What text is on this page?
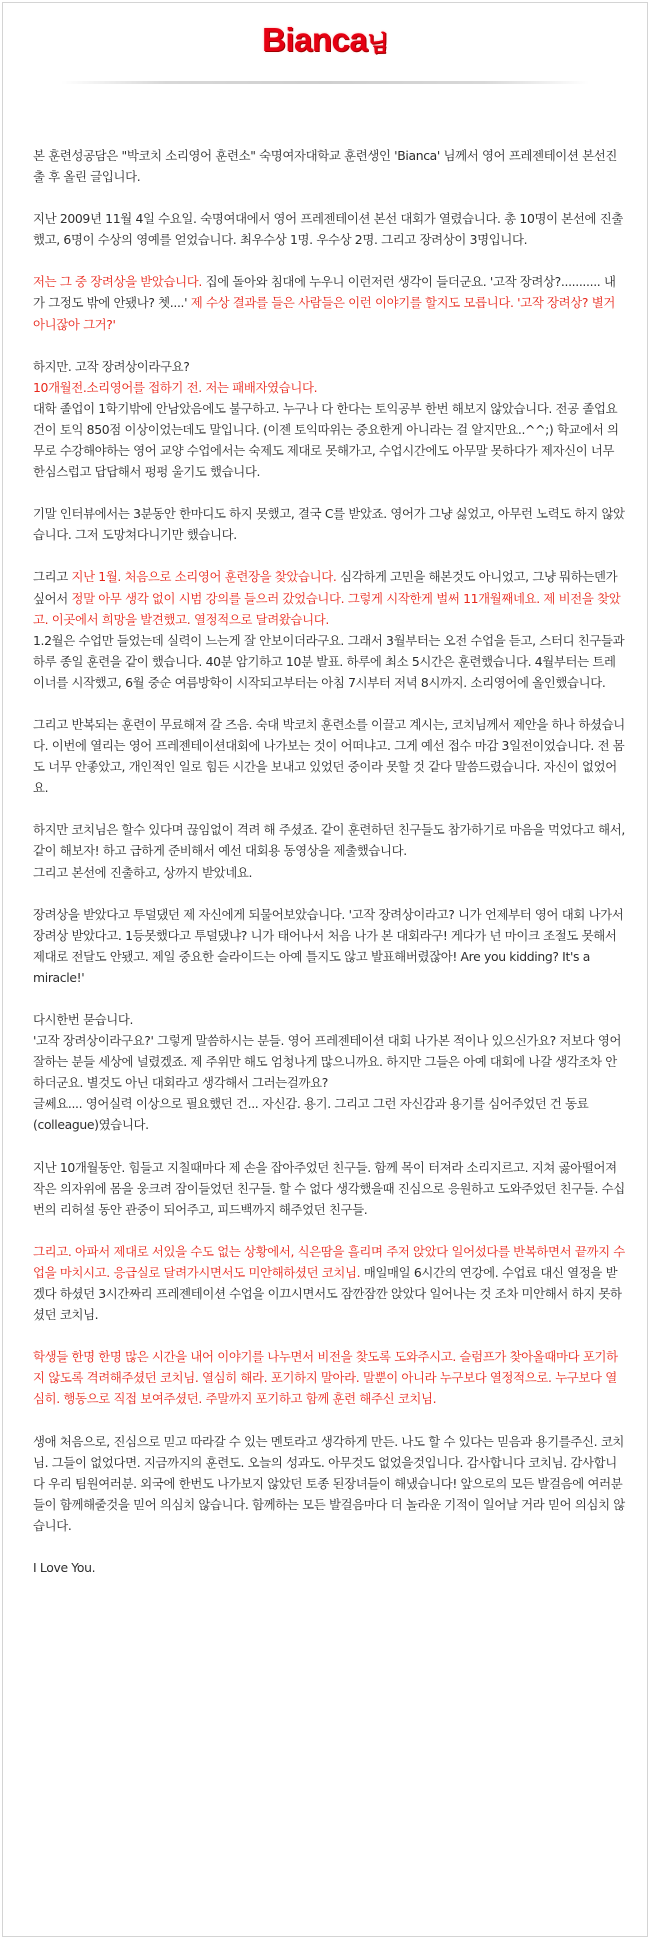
Bianca님

본 훈련성공담은 "박코치 소리영어 훈련소" 숙명여자대학교 훈련생인 'Bianca' 님께서 영어 프레젠테이션 본선진출 후 올린 글입니다.

지난 2009년 11월 4일 수요일. 숙명여대에서 영어 프레젠테이션 본선 대회가 열렸습니다. 총 10명이 본선에 진출했고, 6명이 수상의 영예를 얻었습니다. 최우수상 1명. 우수상 2명. 그리고 장려상이 3명입니다.

저는 그 중 장려상을 받았습니다. 집에 돌아와 침대에 누우니 이런저런 생각이 들더군요. '고작 장려상?........... 내가 그정도 밖에 안됐나? 쳇....' 제 수상 결과를 들은 사람들은 이런 이야기를 할지도 모릅니다. '고작 장려상? 별거 아니잖아 그거?'

하지만. 고작 장려상이라구요?
10개월전.소리영어를 접하기 전. 저는 패배자였습니다.
대학 졸업이 1학기밖에 안남았음에도 불구하고. 누구나 다 한다는 토익공부 한번 해보지 않았습니다. 전공 졸업요건이 토익 850점 이상이었는데도 말입니다. (이젠 토익따위는 중요한게 아니라는 걸 알지만요..^^;) 학교에서 의무로 수강해야하는 영어 교양 수업에서는 숙제도 제대로 못해가고, 수업시간에도 아무말 못하다가 제자신이 너무 한심스럽고 답답해서 펑펑 울기도 했습니다.

기말 인터뷰에서는 3분동안 한마디도 하지 못했고, 결국 C를 받았죠. 영어가 그냥 싫었고, 아무런 노력도 하지 않았습니다. 그저 도망쳐다니기만 했습니다.

그리고 지난 1월. 처음으로 소리영어 훈련장을 찾았습니다. 심각하게 고민을 해본것도 아니었고, 그냥 뭐하는덴가 싶어서 정말 아무 생각 없이 시범 강의를 들으러 갔었습니다. 그렇게 시작한게 벌써 11개월째네요. 제 비전을 찾았고. 이곳에서 희망을 발견했고. 열정적으로 달려왔습니다.
1.2월은 수업만 들었는데 실력이 느는게 잘 안보이더라구요. 그래서 3월부터는 오전 수업을 듣고, 스터디 친구들과 하루 종일 훈련을 같이 했습니다. 40분 암기하고 10분 발표. 하루에 최소 5시간은 훈련했습니다. 4월부터는 트레이너를 시작했고, 6월 중순 여름방학이 시작되고부터는 아침 7시부터 저녁 8시까지. 소리영어에 올인했습니다.

그리고 반복되는 훈련이 무료해져 갈 즈음. 숙대 박코치 훈련소를 이끌고 계시는, 코치님께서 제안을 하나 하셨습니다. 이번에 열리는 영어 프레젠테이션대회에 나가보는 것이 어떠냐고. 그게 예선 접수 마감 3일전이었습니다. 전 몸도 너무 안좋았고, 개인적인 일로 힘든 시간을 보내고 있었던 중이라 못할 것 같다 말씀드렸습니다. 자신이 없었어요.

하지만 코치님은 할수 있다며 끊임없이 격려 해 주셨죠. 같이 훈련하던 친구들도 참가하기로 마음을 먹었다고 해서, 같이 해보자! 하고 급하게 준비해서 예선 대회용 동영상을 제출했습니다.
그리고 본선에 진출하고, 상까지 받았네요.

장려상을 받았다고 투덜댔던 제 자신에게 되물어보았습니다. '고작 장려상이라고? 니가 언제부터 영어 대회 나가서 장려상 받았다고. 1등못했다고 투덜댔냐? 니가 태어나서 처음 나가 본 대회라구! 게다가 넌 마이크 조절도 못해서 제대로 전달도 안됐고. 제일 중요한 슬라이드는 아예 틀지도 않고 발표해버렸잖아! Are you kidding? It's a miracle!'

다시한번 묻습니다.
'고작 장려상이라구요?' 그렇게 말씀하시는 분들. 영어 프레젠테이션 대회 나가본 적이나 있으신가요? 저보다 영어 잘하는 분들 세상에 널렸겠죠. 제 주위만 해도 엄청나게 많으니까요. 하지만 그들은 아예 대회에 나갈 생각조차 안하더군요. 별것도 아닌 대회라고 생각해서 그러는걸까요?
글쎄요.... 영어실력 이상으로 필요했던 건... 자신감. 용기. 그리고 그런 자신감과 용기를 심어주었던 건 동료(colleague)였습니다.

지난 10개월동안. 힘들고 지칠때마다 제 손을 잡아주었던 친구들. 함께 목이 터져라 소리지르고. 지쳐 곯아떨어져 작은 의자위에 몸을 웅크려 잠이들었던 친구들. 할 수 없다 생각했을때 진심으로 응원하고 도와주었던 친구들. 수십번의 리허설 동안 관중이 되어주고, 피드백까지 해주었던 친구들.

그리고. 아파서 제대로 서있을 수도 없는 상황에서, 식은땀을 흘리며 주저 앉았다 일어섰다를 반복하면서 끝까지 수업을 마치시고. 응급실로 달려가시면서도 미안해하셨던 코치님. 매일매일 6시간의 연강에. 수업료 대신 열정을 받겠다 하셨던 3시간짜리 프레젠테이션 수업을 이끄시면서도 잠깐잠깐 앉았다 일어나는 것 조차 미안해서 하지 못하셨던 코치님.

학생들 한명 한명 많은 시간을 내어 이야기를 나누면서 비전을 찾도록 도와주시고. 슬럼프가 찾아올때마다 포기하지 않도록 격려해주셨던 코치님. 열심히 해라. 포기하지 말아라. 말뿐이 아니라 누구보다 열정적으로. 누구보다 열심히. 행동으로 직접 보여주셨던. 주말까지 포기하고 함께 훈련 해주신 코치님.

생애 처음으로, 진심으로 믿고 따라갈 수 있는 멘토라고 생각하게 만든. 나도 할 수 있다는 믿음과 용기를주신. 코치님. 그들이 없었다면. 지금까지의 훈련도. 오늘의 성과도. 아무것도 없었을것입니다. 감사합니다 코치님. 감사합니다 우리 팀원여러분. 외국에 한번도 나가보지 않았던 토종 된장녀들이 해냈습니다! 앞으로의 모든 발걸음에 여러분들이 함께해줄것을 믿어 의심치 않습니다. 함께하는 모든 발걸음마다 더 놀라운 기적이 일어날 거라 믿어 의심치 않습니다.

I Love You.
